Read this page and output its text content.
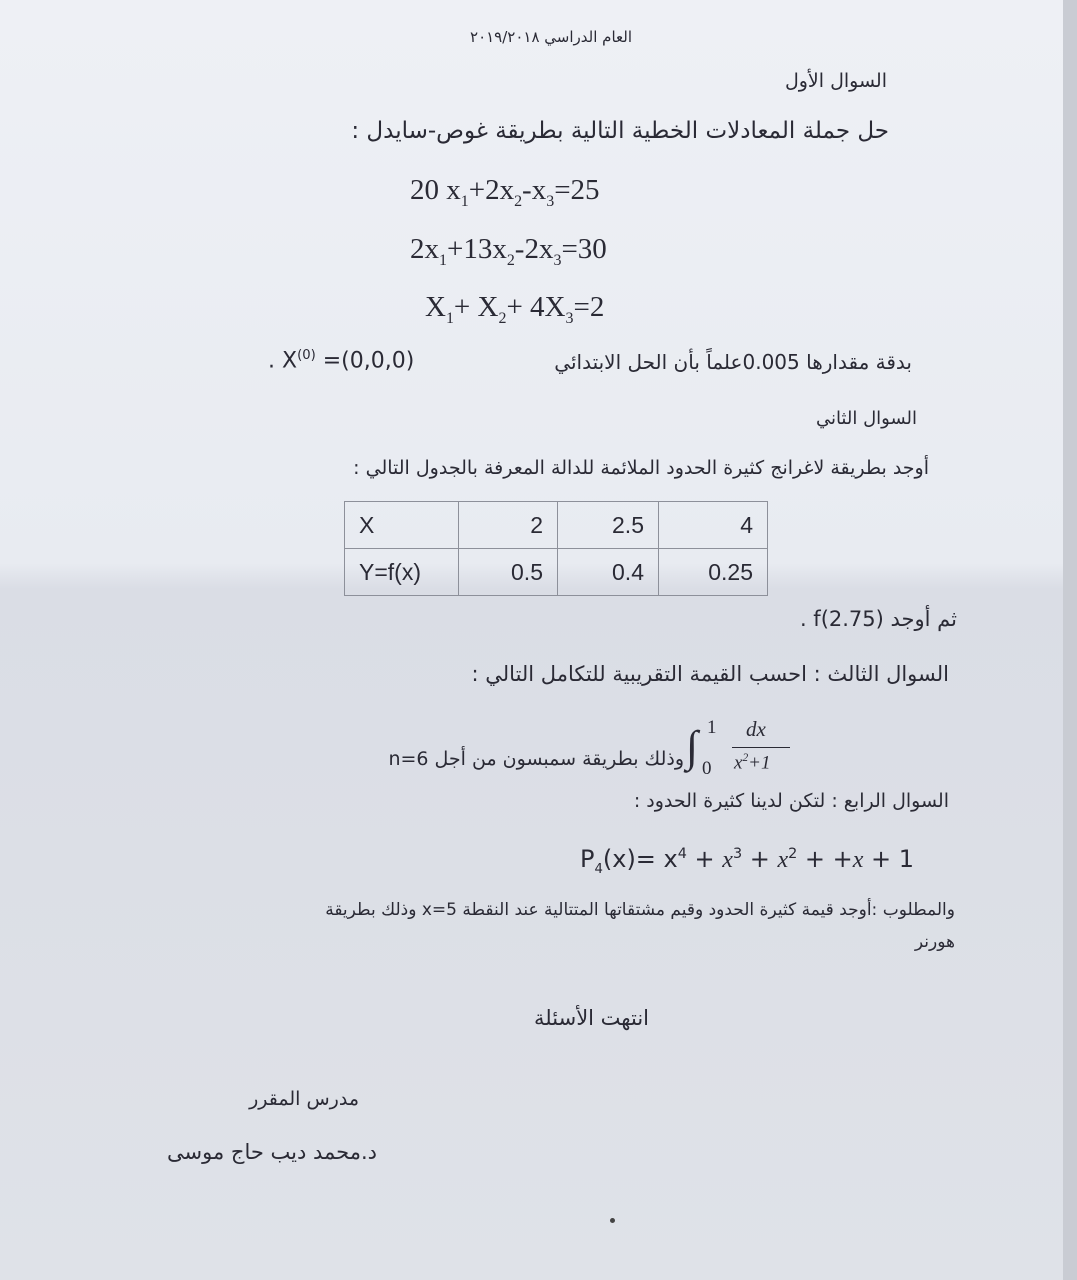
العام الدراسي ٢٠١٩/٢٠١٨
السوال الأول
حل جملة المعادلات الخطية التالية بطريقة غوص-سايدل :
20 $x_1+2x_2-x_3=25$
$2x_1+13x_2-2x_3=30$
$X_1+ X_2+ 4X_3=2$
بدقة مقدارها 0.005علماً بأن الحل الابتدائي
. $X^{(0)} =(0,0,0)$
السوال الثاني
أوجد بطريقة لاغرانج كثيرة الحدود الملائمة للدالة المعرفة بالجدول التالي :
X	2	2.5	4
Y=f(x)	0.5	0.4	0.25
ثم أوجد f(2.75) .
السوال الثالث : احسب القيمة التقريبية للتكامل التالي :
وذلك بطريقة سمبسون من أجل n=6 ∫ 1
0
dx
$x^2+1$
السوال الرابع : لتكن لدينا كثيرة الحدود :
$P_4(x)= x^4 + x^3 + x^2 + +x + 1$
والمطلوب :أوجد قيمة كثيرة الحدود وقيم مشتقاتها المتتالية عند النقطة x=5 وذلك بطريقة
هورنر
انتهت الأسئلة
مدرس المقرر
د.محمد ديب حاج موسى
